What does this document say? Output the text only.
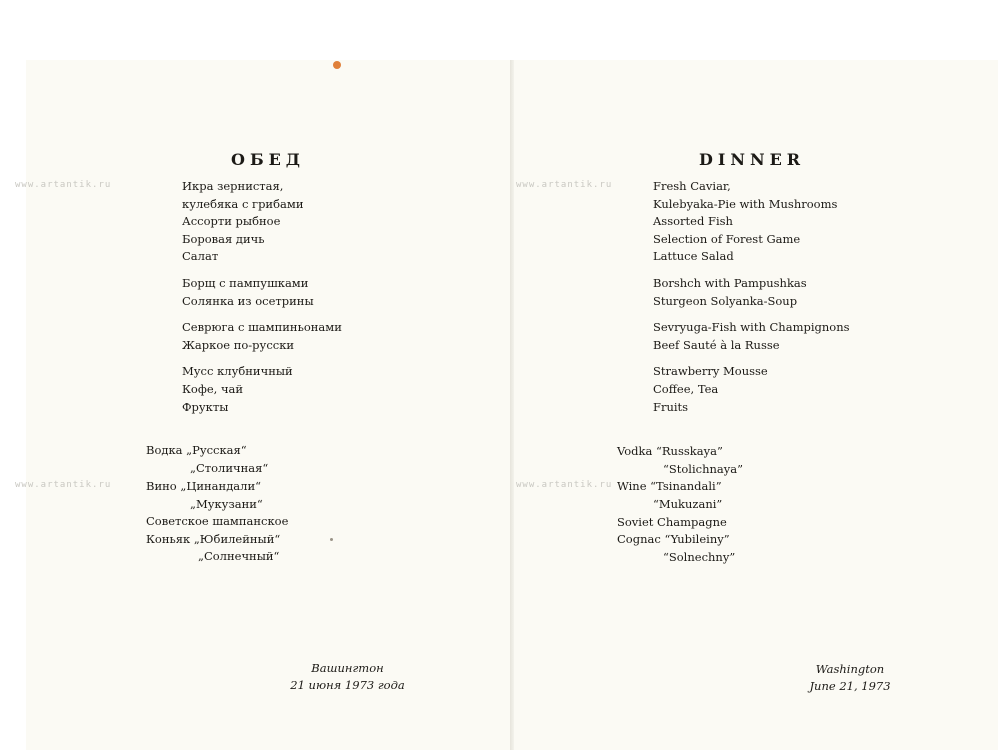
www.artantik.ru
www.artantik.ru
www.artantik.ru
www.artantik.ru
ОБЕД
Икра зернистая,
кулебяка с грибами
Ассорти рыбное
Боровая дичь
Салат
Борщ с пампушками
Солянка из осетрины
Севрюга с шампиньонами
Жаркое по-русски
Мусс клубничный
Кофе, чай
Фрукты
Водка „Русская“
„Столичная“
Вино „Цинандали“
„Мукузани“
Советское шампанское
Коньяк „Юбилейный“
„Солнечный“
Вашингтон
21 июня 1973 года
DINNER
Fresh Caviar,
Kulebyaka-Pie with Mushrooms
Assorted Fish
Selection of Forest Game
Lattuce Salad
Borshch with Pampushkas
Sturgeon Solyanka-Soup
Sevryuga-Fish with Champignons
Beef Sauté à la Russe
Strawberry Mousse
Coffee, Tea
Fruits
Vodka “Russkaya”
“Stolichnaya”
Wine “Tsinandali”
“Mukuzani”
Soviet Champagne
Cognac “Yubileiny”
“Solnechny”
Washington
June 21, 1973
